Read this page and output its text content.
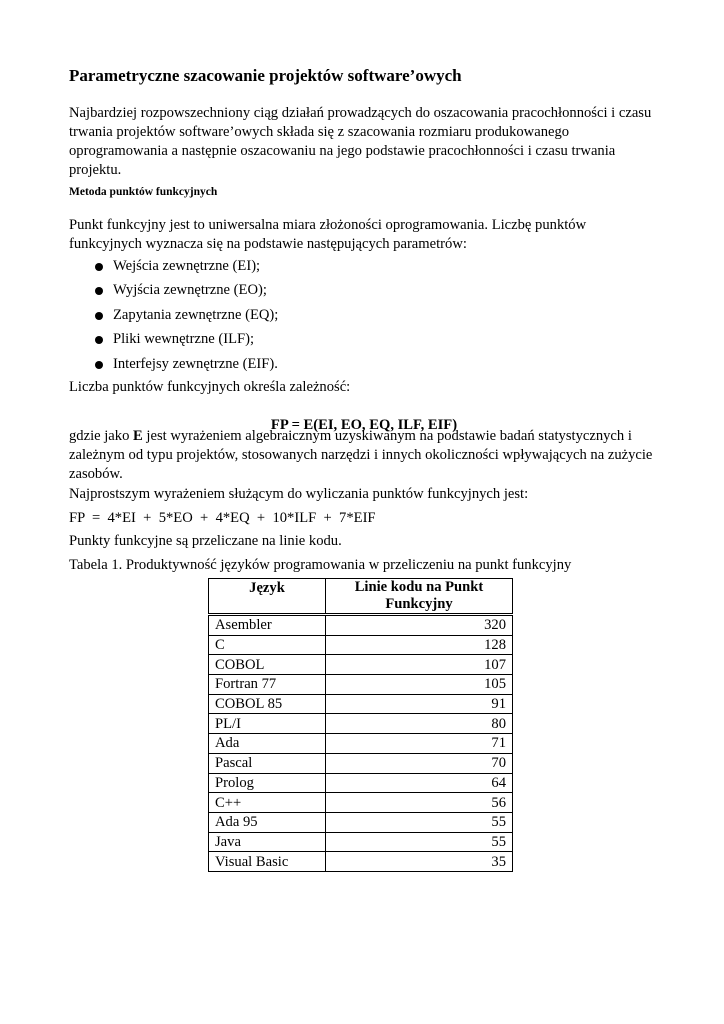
Parametryczne szacowanie projektów software’owych

Najbardziej rozpowszechniony ciąg działań prowadzących do oszacowania pracochłonności i czasu trwania projektów software’owych składa się z szacowania rozmiaru produkowanego oprogramowania a następnie oszacowaniu na jego podstawie pracochłonności i czasu trwania projektu.

Metoda punktów funkcyjnych

Punkt funkcyjny jest to uniwersalna miara złożoności oprogramowania. Liczbę punktów funkcyjnych wyznacza się na podstawie następujących parametrów:

Wejścia zewnętrzne (EI);
Wyjścia zewnętrzne (EO);
Zapytania zewnętrzne (EQ);
Pliki wewnętrzne (ILF);
Interfejsy zewnętrzne (EIF).

Liczba punktów funkcyjnych określa zależność:

FP = E(EI, EO, EQ, ILF, EIF)

gdzie jako E jest wyrażeniem algebraicznym uzyskiwanym na podstawie badań statystycznych i zależnym od typu projektów, stosowanych narzędzi i innych okoliczności wpływających na zużycie zasobów.

Najprostszym wyrażeniem służącym do wyliczania punktów funkcyjnych jest:

FP  =  4*EI  +  5*EO  +  4*EQ  +  10*ILF  +  7*EIF

Punkty funkcyjne są przeliczane na linie kodu.

Tabela 1. Produktywność języków programowania w przeliczeniu na punkt funkcyjny

Język	Linie kodu na Punkt Funkcyjny
Asembler	320
C	128
COBOL	107
Fortran 77	105
COBOL 85	91
PL/I	80
Ada	71
Pascal	70
Prolog	64
C++	56
Ada 95	55
Java	55
Visual Basic	35
